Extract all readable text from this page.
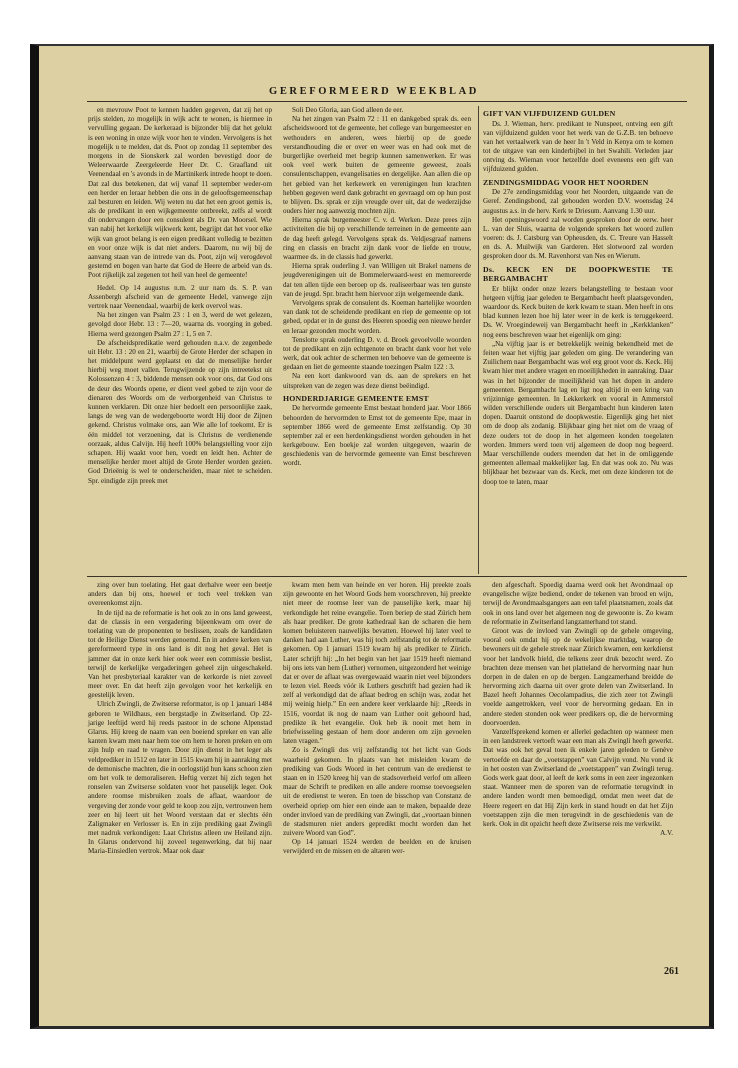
GEREFORMEERD WEEKBLAD

en mevrouw Poot te kennen hadden gegeven, dat zij het op prijs stelden, zo mogelijk in wijk acht te wonen, is hiermee in vervulling gegaan. De kerkeraad is bijzonder blij dat het gelukt is een woning in onze wijk voor hen te vinden. Vervolgens is het mogelijk u te melden, dat ds. Poot op zondag 11 september des morgens in de Sionskerk zal worden bevestigd door de Weleerwaarde Zeergeleerde Heer Dr. C. Graafland uit Veenendaal en 's avonds in de Martinikerk intrede hoopt te doen. Dat zal dus betekenen, dat wij vanaf 11 september weder-om een herder en leraar hebben die ons in de gelooftsgemeenschap zal besturen en leiden. Wij weten nu dat het een groot gemis is, als de predikant in een wijkgemeente ontbreekt, zelfs al wordt dit ondervangen door een consulent als Dr. van Moorsel. Wie van nabij het kerkelijk wijkwerk kent, begrijpt dat het voor elke wijk van groot belang is een eigen predikant volledig te bezitten en voor onze wijk is dat niet anders. Daarom, nu wij bij de aanvang staan van de intrede van ds. Poot, zijn wij verogdevol gestemd en bogen van harte dat God de Heere de arbeid van ds. Poot rijkelijk zal zegenen tot heil van heel de gemeente!

Hedel. Op 14 augustus n.m. 2 uur nam ds. S. P. van Assenbergh afscheid van de gemeente Hedel, vanwege zijn vertrek naar Veenendaal, waarbij de kerk overvol was.

Na het zingen van Psalm 23 : 1 en 3, werd de wet gelezen, gevolgd door Hebr. 13 : 7—20, waarna ds. voorging in gebed. Hierna werd gezongen Psalm 27 : 1, 5 en 7.

De afscheidspredikatie werd gehouden n.a.v. de zegenbede uit Hebr. 13 : 20 en 21, waarbij de Grote Herder der schapen in het middelpunt werd geplaatst en dat de menselijke herder hierbij weg moet vallen. Terugwijzende op zijn intreetekst uit Kolossenzen 4 : 3, biddende mensen ook voor ons, dat God ons de deur des Woords opene, er dient veel gebed te zijn voor de dienaren des Woords om de verborgenheid van Christus te kunnen verklaren. Dit onze hier bedoelt een persoonlijke zaak, langs de weg van de wedergeboorte wordt Hij door de Zijnen gekend. Christus volmake ons, aan Wie alle lof toekomt. Er is één middel tot verzoening, dat is Christus de verdienende oorzaak, aldus Calvijn. Hij heeft 100% belangstelling voor zijn schapen. Hij waakt voor hen, voedt en leidt hen. Achter de menselijke herder moet altijd de Grote Herder worden gezien. God Drieënig is wel te onderscheiden, maar niet te scheiden. Spr. eindigde zijn preek met

Soli Deo Gloria, aan God alleen de eer.

Na het zingen van Psalm 72 : 11 en dankgebed sprak ds. een afscheidswoord tot de gemeente, het college van burgemeester en wethouders en anderen, wees hierbij op de goede verstandhouding die er over en weer was en had ook met de burgerlijke overheid met begrip kunnen samenwerken. Er was ook veel werk buiten de gemeente geweest, zoals consulentschappen, evangelisaties en dergelijke. Aan allen die op het gebied van het kerkewerk en verenigingen hun krachten hebben gegeven werd dank gebracht en gevraagd om op hun post te blijven. Ds. sprak er zijn vreugde over uit, dat de wederzijdse ouders hier nog aanwezig mochten zijn.

Hierna sprak burgemeester C. v. d. Werken. Deze prees zijn activiteiten die bij op verschillende terreinen in de gemeente aan de dag heeft gelegd. Vervolgens sprak ds. Veldjesgraaf namens ring en classis en bracht zijn dank voor de liefde en trouw, waarmee ds. in de classis had gewerkt.

Hierna sprak ouderling J. van Willigen uit Brakel namens de jeugdverenigingen uit de Bommelerwaard-west en memoreerde dat ten allen tijde een beroep op ds. realiseerbaar was ten gunste van de jeugd. Spr. bracht hem hiervoor zijn welgemeende dank.

Vervolgens sprak de consulent ds. Koeman hartelijke woorden van dank tot de scheidende predikant en riep de gemeente op tot gebed, opdat er in de gunst des Heeren spoedig een nieuwe herder en leraar gezonden mocht worden.

Tenslotte sprak ouderling D. v. d. Broek gevoelvolle woorden tot de predikant en zijn echtgenote en bracht dank voor het vele werk, dat ook achter de schermen ten behoeve van de gemeente is gedaan en liet de gemeente staande toezingen Psalm 122 : 3.

Na een kort dankwoord van ds. aan de sprekers en het uitspreken van de zegen was deze dienst beëindigd.

HONDERDJARIGE GEMEENTE EMST

De hervormde gemeente Emst bestaat honderd jaar. Voor 1866 behoorden de hervormden te Emst tot de gemeente Epe, maar in september 1866 werd de gemeente Emst zelfstandig. Op 30 september zal er een herdenkingsdienst worden gehouden in het kerkgebouw. Een boekje zal worden uitgegeven, waarin de geschiedenis van de hervormde gemeente van Emst beschreven wordt.

GIFT VAN VIJFDUIZEND GULDEN

Ds. J. Wieman, herv. predikant te Nunspeet, ontving een gift van vijfduizend gulden voor het werk van de G.Z.B. ten behoeve van het vertaalwerk van de heer In 't Veld in Kenya om te komen tot de uitgave van een kinderbijbel in het Swahili. Verleden jaar ontving ds. Wieman voor hetzelfde doel eveneens een gift van vijfduizend gulden.

ZENDINGSMIDDAG VOOR HET NOORDEN

De 27e zendingsmiddag voor het Noorden, uitgaande van de Geref. Zendingsbond, zal gehouden worden D.V. woensdag 24 augustus a.s. in de herv. Kerk te Driesum. Aanvang 1.30 uur.

Het openingswoord zal worden gesproken door de eerw. heer L. van der Sluis, waarna de volgende sprekers het woord zullen voeren: ds. J. Catsburg van Opheusden, ds. C. Treure van Hasselt en ds. A. Muilwijk van Garderen. Het slotwoord zal worden gesproken door ds. M. Ravenhorst van Nes en Wierum.

Ds. KECK EN DE DOOPKWESTIE TE BERGAMBACHT

Er blijkt onder onze lezers belangstelling te bestaan voor hetgeen vijftig jaar geleden te Bergambacht heeft plaatsgevonden, waardoor ds. Keck buiten de kerk kwam te staan. Men heeft in ons blad kunnen lezen hoe hij later weer in de kerk is teruggekeerd. Ds. W. Vroegindeweij van Bergambacht heeft in „Kerkklanken” nog eens beschreven waar het eigenlijk om ging:

„Na vijftig jaar is er betrekkelijk weinig bekendheid met de feiten waar het vijftig jaar geleden om ging. De verandering van Zuilichem naar Bergambacht was wel erg groot voor ds. Keck. Hij kwam hier met andere vragen en moeilijkheden in aanraking. Daar was in het bijzonder de moeilijkheid van het dopen in andere gemeenten. Bergambacht lag en ligt nog altijd in een kring van vrijzinnige gemeenten. In Lekkerkerk en vooral in Ammerstol wilden verschillende ouders uit Bergambacht hun kinderen laten dopen. Daaruit ontstond de doopkwestie. Eigenlijk ging het niet om de doop als zodanig. Blijkbaar ging het niet om de vraag of deze ouders tot de doop in het algemeen konden toegelaten worden. Immers werd toen vrij algemeen de doop nog begeerd. Maar verschillende ouders meenden dat het in de omliggende gemeenten allemaal makkelijker lag. En dat was ook zo. Nu was blijkbaar het bezwaar van ds. Keck, met om deze kinderen tot de doop toe te laten, maar

zing over hun toelating. Het gaat derhalve weer een beetje anders dan bij ons, hoewel er toch veel trekken van overeenkomst zijn.

In de tijd na de reformatie is het ook zo in ons land geweest, dat de classis in een vergadering bijeenkwam om over de toelating van de proponenten te beslissen, zoals de kandidaten tot de Heilige Dienst werden genoemd. En in andere kerken van gereformeerd type in ons land is dit nog het geval. Het is jammer dat in onze kerk hier ook weer een commissie beslist, terwijl de kerkelijke vergaderingen geheel zijn uitgeschakeld. Van het presbyteriaal karakter van de kerkorde is niet zoveel meer over. En dat heeft zijn gevolgen voor het kerkelijk en geestelijk leven.

Ulrich Zwingli, de Zwitserse reformator, is op 1 januari 1484 geboren te Wildhaus, een bergstadje in Zwitserland. Op 22-jarige leeftijd werd hij reeds pastoor in de schone Alpenstad Glarus. Hij kreeg de naam van een boeiend spreker en van alle kanten kwam men naar hem toe om hem te horen preken en om zijn hulp en raad te vragen. Door zijn dienst in het leger als veldprediker in 1512 en later in 1515 kwam hij in aanraking met de demonische machten, die in oorlogstijd hun kans schoon zien om het volk te demoraliseren. Heftig verzet hij zich tegen het ronselen van Zwitserse soldaten voor het pauselijk leger. Ook andere roomse misbruiken zoals de aflaat, waardoor de vergeving der zonde voor geld te koop zou zijn, vertrouwen hem zeer en hij leert uit het Woord verstaan dat er slechts één Zaligmaker en Verlosser is. En in zijn prediking gaat Zwingli met nadruk verkondigen: Laat Christus alleen uw Heiland zijn. In Glarus ondervond hij zoveel tegenwerking, dat hij naar Maria-Einsiedlen vertrok. Maar ook daar

kwam men hem van heinde en ver horen. Hij preekte zoals zijn gewoonte en het Woord Gods hem voorschreven, hij preekte niet meer de roomse leer van de pauselijke kerk, maar hij verkondigde het reine evangelie. Toen beriep de stad Zürich hem als haar prediker. De grote kathedraal kan de scharen die hem komen beluisteren nauwelijks bevatten. Hoewel hij later veel te danken had aan Luther, was hij toch zelfstandig tot de reformatie gekomen. Op 1 januari 1519 kwam hij als prediker te Zürich. Later schrijft hij: „In het begin van het jaar 1519 heeft niemand bij ons iets van hem (Luther) vernomen, uitgezonderd het weinige dat er over de aflaat was overgewaaid waarin niet veel bijzonders te lezen viel. Reeds vóór ik Luthers geschrift had gezien had ik zelf al verkondigd dat de aflaat bedrog en schijn was, zodat het mij weinig hielp.” En een andere keer verklaarde hij: „Reeds in 1516, voordat ik nog de naam van Luther ooit gehoord had, predikte ik het evangelie. Ook heb ik nooit met hem in briefwisseling gestaan of hem door anderen om zijn gevoelen laten vragen.”

Zo is Zwingli dus vrij zelfstandig tot het licht van Gods waarheid gekomen. In plaats van het misleiden kwam de prediking van Gods Woord in het centrum van de eredienst te staan en in 1520 kreeg hij van de stadsoverheid verlof om alleen maar de Schrift te prediken en alle andere roomse toevoegselen uit de eredienst te weren. En toen de bisschop van Constanz de overheid opriep om hier een einde aan te maken, bepaalde deze onder invloed van de prediking van Zwingli, dat „voortaan binnen de stadsmuren niet anders gepredikt mocht worden dan het zuivere Woord van God”.

Op 14 januari 1524 werden de beelden en de kruisen verwijderd en de missen en de altaren wer-

den afgeschaft. Spoedig daarna werd ook het Avondmaal op evangelische wijze bediend, onder de tekenen van brood en wijn, terwijl de Avondmaalsgangers aan een tafel plaatsnamen, zoals dat ook in ons land over het algemeen nog de gewoonte is. Zo kwam de reformatie in Zwitserland langzamerhand tot stand.

Groot was de invloed van Zwingli op de gehele omgeving, vooral ook omdat hij op de wekelijkse marktdag, waarop de bewoners uit de gehele streek naar Zürich kwamen, een kerkdienst voor het landvolk hield, die telkens zeer druk bezocht werd. Zo brachten deze mensen van het platteland de hervorming naar hun dorpen in de dalen en op de bergen. Langzamerhand breidde de hervorming zich daarna uit over grote delen van Zwitserland. In Bazel heeft Johannes Oecolampadius, die zich zeer tot Zwingli voelde aangetrokken, veel voor de hervorming gedaan. En in andere steden stonden ook weer predikers op, die de hervorming doorvoerden.

Vanzelfsprekend komen er allerlei gedachten op wanneer men in een landstreek vertoeft waar een man als Zwingli heeft gewerkt. Dat was ook het geval toen ik enkele jaren geleden te Genève vertoefde en daar de „voetstappen” van Calvijn vond. Nu vond ik in het oosten van Zwitserland de „voetstappen” van Zwingli terug. Gods werk gaat door, al leeft de kerk soms in een zeer ingezonken staat. Wanneer men de sporen van de reformatie terugvindt in andere landen wordt men bemoedigd, omdat men weet dat de Heere regeert en dat Hij Zijn kerk in stand houdt en dat het Zijn voetstappen zijn die men terugvindt in de geschiedenis van de kerk. Ook in dit opzicht heeft deze Zwitserse reis me verkwikt.

A.V.

261
